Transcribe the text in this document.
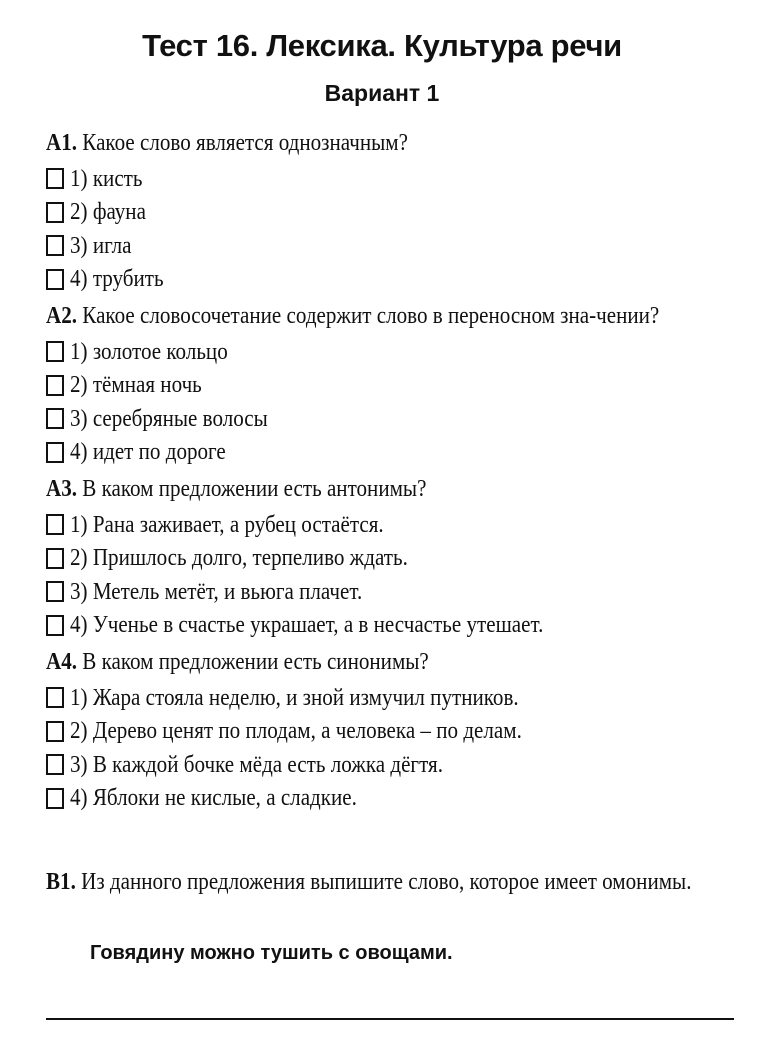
Тест 16. Лексика. Культура речи
Вариант 1

А1. Какое слово является однозначным?

1) кисть
2) фауна
3) игла
4) трубить

А2. Какое словосочетание содержит слово в переносном зна-чении?

1) золотое кольцо
2) тёмная ночь
3) серебряные волосы
4) идет по дороге

А3. В каком предложении есть антонимы?

1) Рана заживает, а рубец остаётся.
2) Пришлось долго, терпеливо ждать.
3) Метель метёт, и вьюга плачет.
4) Ученье в счастье украшает, а в несчастье утешает.

А4. В каком предложении есть синонимы?

1) Жара стояла неделю, и зной измучил путников.
2) Дерево ценят по плодам, а человека – по делам.
3) В каждой бочке мёда есть ложка дёгтя.
4) Яблоки не кислые, а сладкие.

В1. Из данного предложения выпишите слово, которое имеет омонимы.

Говядину можно тушить с овощами.
